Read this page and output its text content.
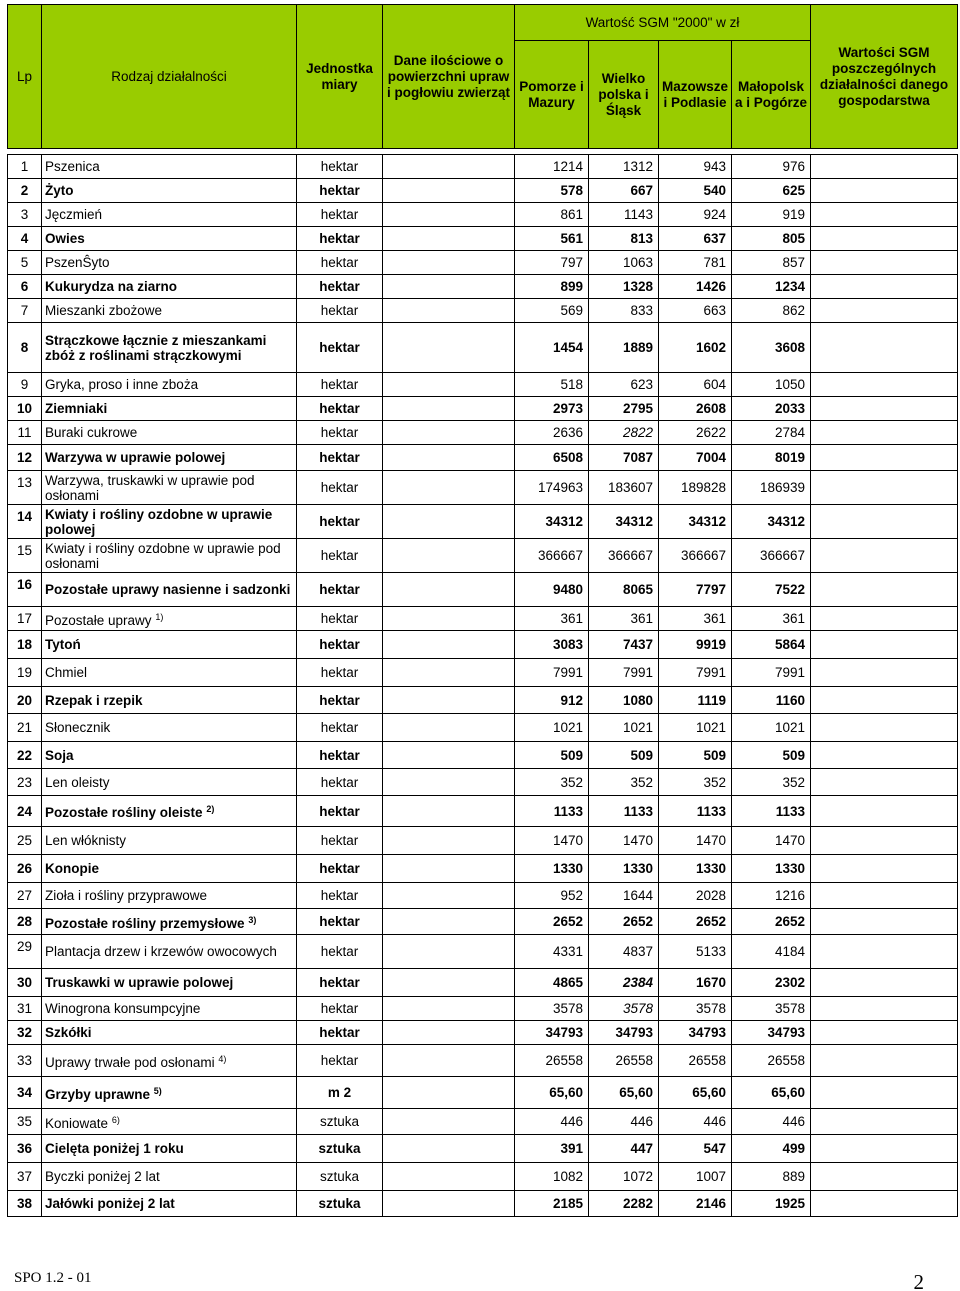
Lp	Rodzaj działalności	Jednostka miary	Dane ilościowe o powierzchni upraw i pogłowiu zwierząt	Wartość SGM "2000" w zł				Wartości SGM poszczególnych działalności danego gospodarstwa
				Pomorze i Mazury	Wielko polska i Śląsk	Mazowsze i Podlasie	Małopolsk a i Pogórze	

1	Pszenica	hektar		1214	1312	943	976	
2	Żyto	hektar		578	667	540	625	
3	Jęczmień	hektar		861	1143	924	919	
4	Owies	hektar		561	813	637	805	
5	PszenŜyto	hektar		797	1063	781	857	
6	Kukurydza na ziarno	hektar		899	1328	1426	1234	
7	Mieszanki zbożowe	hektar		569	833	663	862	
8	Strączkowe łącznie z mieszankami zbóż z roślinami strączkowymi	hektar		1454	1889	1602	3608	
9	Gryka, proso i inne zboża	hektar		518	623	604	1050	
10	Ziemniaki	hektar		2973	2795	2608	2033	
11	Buraki cukrowe	hektar		2636	2822	2622	2784	
12	Warzywa w uprawie polowej	hektar		6508	7087	7004	8019	
13	Warzywa, truskawki w uprawie pod osłonami	hektar		174963	183607	189828	186939	
14	Kwiaty i rośliny ozdobne w uprawie polowej	hektar		34312	34312	34312	34312	
15	Kwiaty i rośliny ozdobne w uprawie pod osłonami	hektar		366667	366667	366667	366667	
16	Pozostałe uprawy nasienne i sadzonki	hektar		9480	8065	7797	7522	
17	Pozostałe uprawy $^{1)}$	hektar		361	361	361	361	
18	Tytoń	hektar		3083	7437	9919	5864	
19	Chmiel	hektar		7991	7991	7991	7991	
20	Rzepak i rzepik	hektar		912	1080	1119	1160	
21	Słonecznik	hektar		1021	1021	1021	1021	
22	Soja	hektar		509	509	509	509	
23	Len oleisty	hektar		352	352	352	352	
24	Pozostałe rośliny oleiste $^{2)}$	hektar		1133	1133	1133	1133	
25	Len włóknisty	hektar		1470	1470	1470	1470	
26	Konopie	hektar		1330	1330	1330	1330	
27	Zioła i rośliny przyprawowe	hektar		952	1644	2028	1216	
28	Pozostałe rośliny przemysłowe $^{3)}$	hektar		2652	2652	2652	2652	
29	Plantacja drzew i krzewów owocowych	hektar		4331	4837	5133	4184	
30	Truskawki w uprawie polowej	hektar		4865	2384	1670	2302	
31	Winogrona konsumpcyjne	hektar		3578	3578	3578	3578	
32	Szkółki	hektar		34793	34793	34793	34793	
33	Uprawy trwałe pod osłonami $^{4)}$	hektar		26558	26558	26558	26558	
34	Grzyby uprawne $^{5)}$	m 2		65,60	65,60	65,60	65,60	
35	Koniowate $^{6)}$	sztuka		446	446	446	446	
36	Cielęta poniżej 1 roku	sztuka		391	447	547	499	
37	Byczki poniżej 2 lat	sztuka		1082	1072	1007	889	
38	Jałówki poniżej 2 lat	sztuka		2185	2282	2146	1925	
SPO 1.2 - 01	2
